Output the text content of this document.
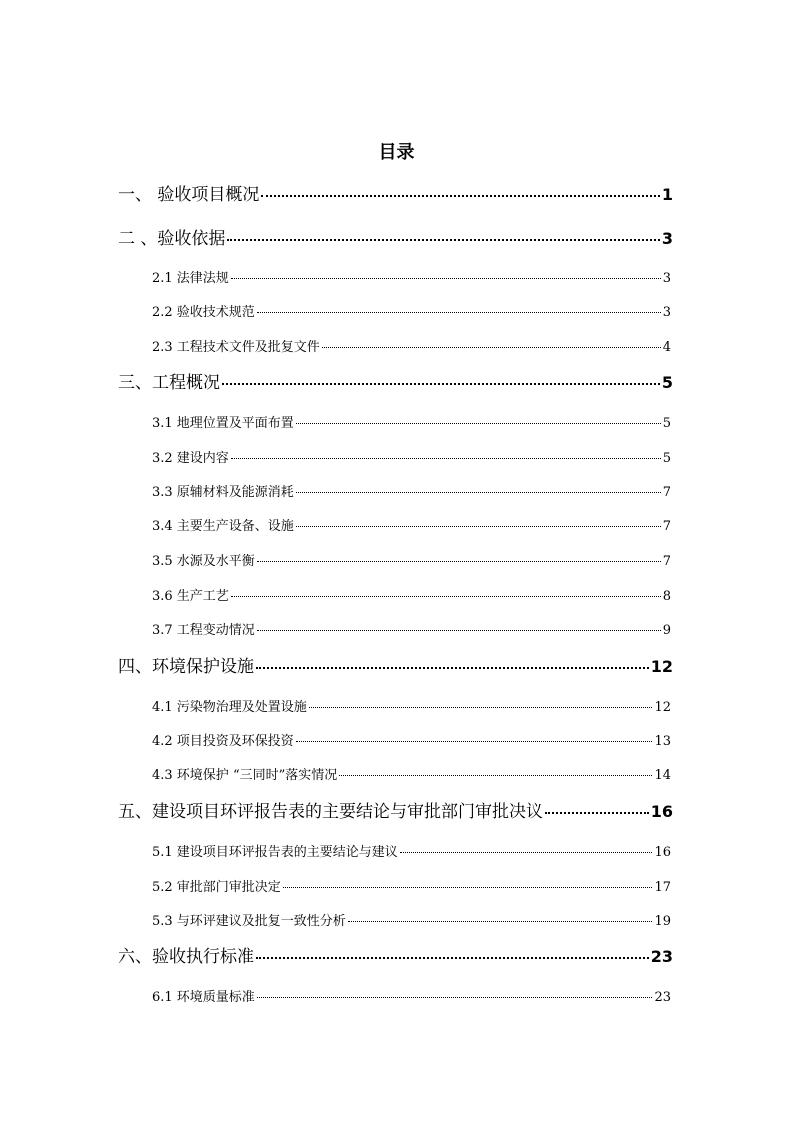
目录
一、 验收项目概况	1
二 、验收依据	3
2.1 法律法规	3
2.2 验收技术规范	3
2.3 工程技术文件及批复文件	4
三、工程概况	5
3.1 地理位置及平面布置	5
3.2 建设内容	5
3.3 原辅材料及能源消耗	7
3.4 主要生产设备、设施	7
3.5 水源及水平衡	7
3.6 生产工艺	8
3.7 工程变动情况	9
四、环境保护设施	12
4.1 污染物治理及处置设施	12
4.2 项目投资及环保投资	13
4.3 环境保护 “三同时”落实情况	14
五、建设项目环评报告表的主要结论与审批部门审批决议	16
5.1 建设项目环评报告表的主要结论与建议	16
5.2 审批部门审批决定	17
5.3 与环评建议及批复一致性分析	19
六、验收执行标准	23
6.1 环境质量标准	23
